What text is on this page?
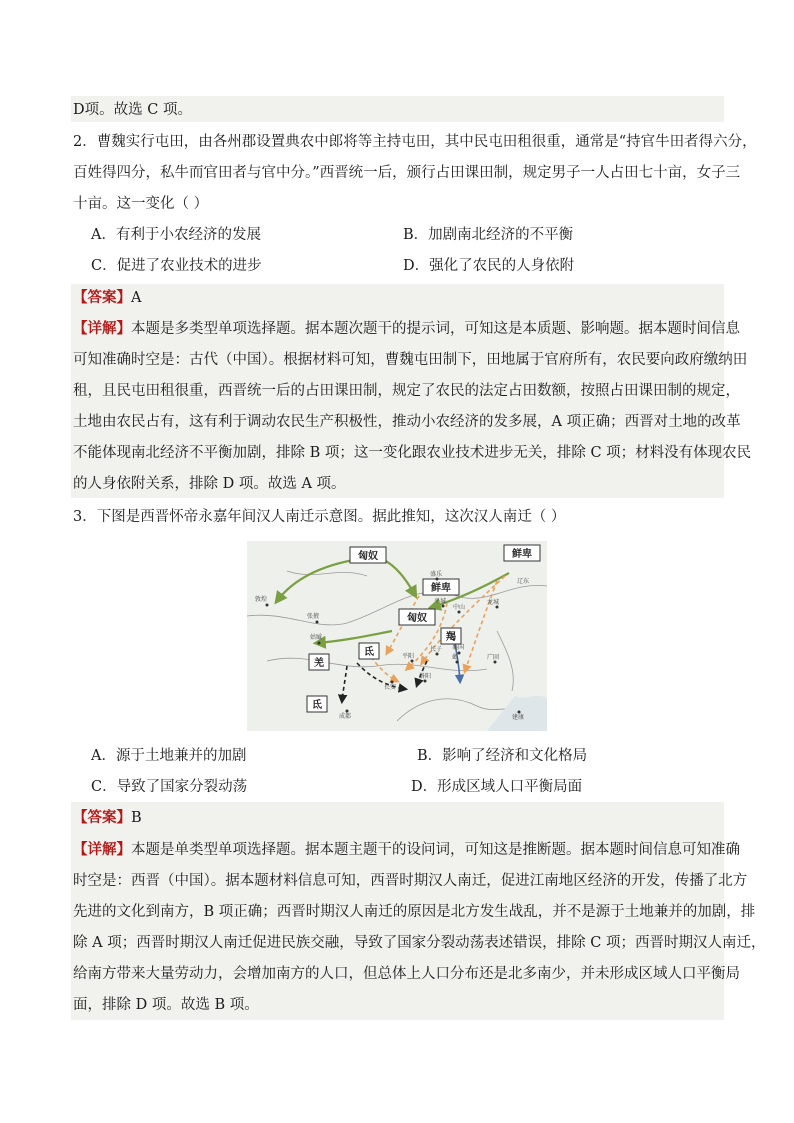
D项。故选 C 项。
2．曹魏实行屯田，由各州郡设置典农中郎将等主持屯田，其中民屯田租很重，通常是“持官牛田者得六分，
百姓得四分，私牛而官田者与官中分。”西晋统一后，颁行占田课田制，规定男子一人占田七十亩，女子三
十亩。这一变化（ ）
A．有利于小农经济的发展	B．加剧南北经济的不平衡
C．促进了农业技术的进步	D．强化了农民的人身依附
【答案】A
【详解】本题是多类型单项选择题。据本题次题干的提示词，可知这是本质题、影响题。据本题时间信息
可知准确时空是：古代（中国）。根据材料可知，曹魏屯田制下，田地属于官府所有，农民要向政府缴纳田
租，且民屯田租很重，西晋统一后的占田课田制，规定了农民的法定占田数额，按照占田课田制的规定，
土地由农民占有，这有利于调动农民生产积极性，推动小农经济的发多展，A 项正确；西晋对土地的改革
不能体现南北经济不平衡加剧，排除 B 项；这一变化跟农业技术进步无关，排除 C 项；材料没有体现农民
的人身依附关系，排除 D 项。故选 A 项。
3．下图是西晋怀帝永嘉年间汉人南迁示意图。据此推知，这次汉人南迁（ ）
匈奴	鲜卑
鲜卑
匈奴
羯
羌
氐
氐
敦煌
张掖
姑臧
盛乐
平城
中山
龙城
辽东
长子 襄国
邺
平阳	广固
长安
洛阳
成都	建康
A．源于土地兼并的加剧	B．影响了经济和文化格局
C．导致了国家分裂动荡	D．形成区域人口平衡局面
【答案】B
【详解】本题是单类型单项选择题。据本题主题干的设问词，可知这是推断题。据本题时间信息可知准确
时空是：西晋（中国）。据本题材料信息可知，西晋时期汉人南迁，促进江南地区经济的开发，传播了北方
先进的文化到南方，B 项正确；西晋时期汉人南迁的原因是北方发生战乱，并不是源于土地兼并的加剧，排
除 A 项；西晋时期汉人南迁促进民族交融，导致了国家分裂动荡表述错误，排除 C 项；西晋时期汉人南迁，
给南方带来大量劳动力，会增加南方的人口，但总体上人口分布还是北多南少，并未形成区域人口平衡局
面，排除 D 项。故选 B 项。
